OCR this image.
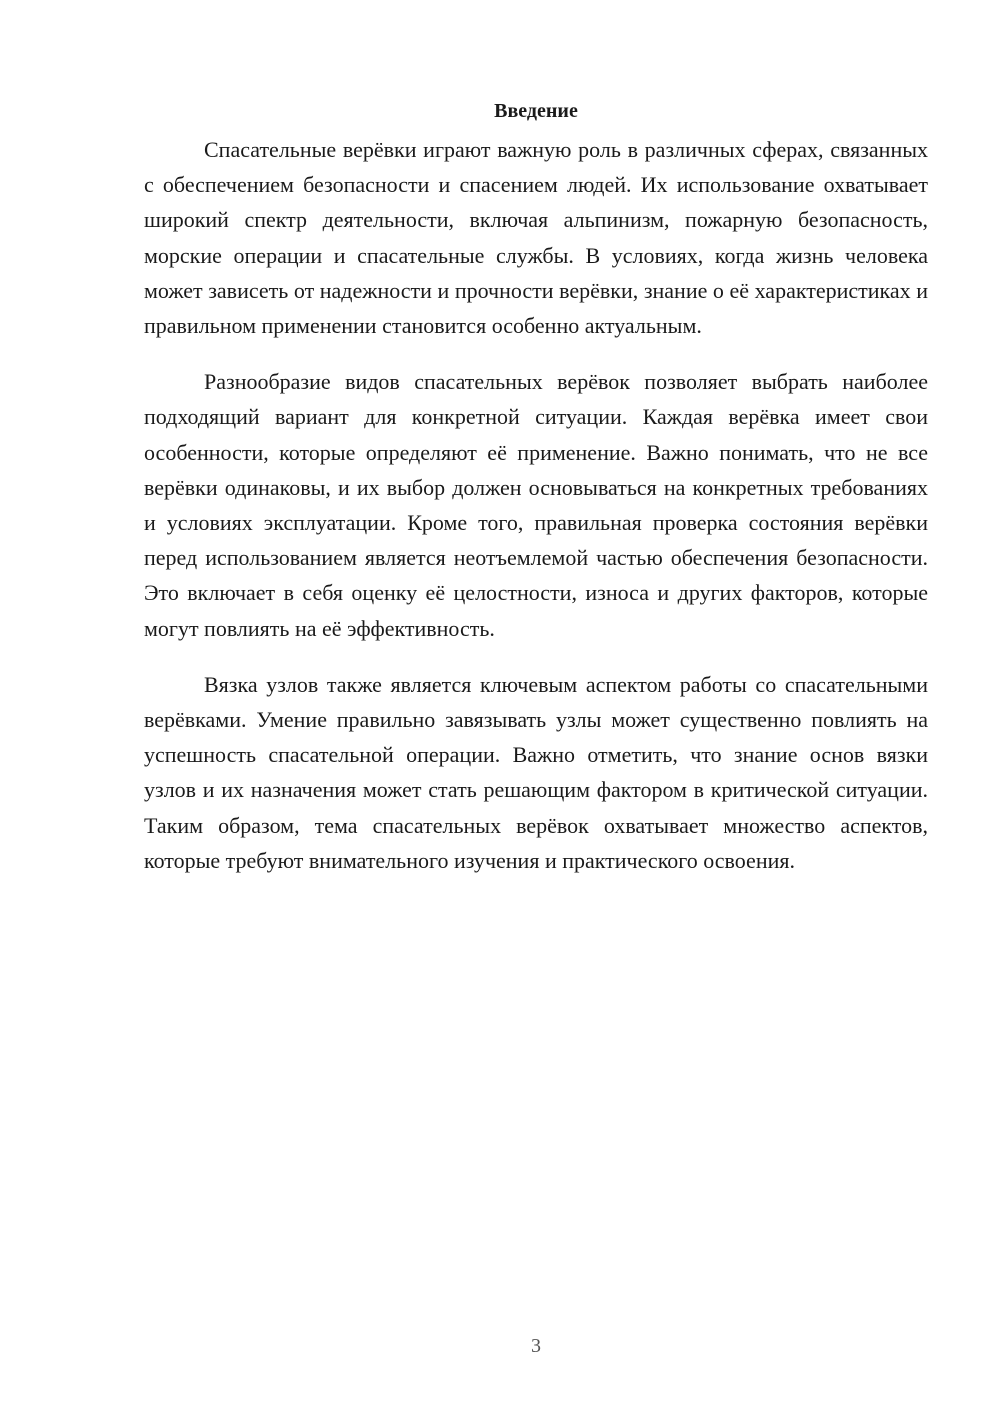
Введение

Спасательные верёвки играют важную роль в различных сферах, связанных с обеспечением безопасности и спасением людей. Их использование охватывает широкий спектр деятельности, включая альпинизм, пожарную безопасность, морские операции и спасательные службы. В условиях, когда жизнь человека может зависеть от надежности и прочности верёвки, знание о её характеристиках и правильном применении становится особенно актуальным.

Разнообразие видов спасательных верёвок позволяет выбрать наиболее подходящий вариант для конкретной ситуации. Каждая верёвка имеет свои особенности, которые определяют её применение. Важно понимать, что не все верёвки одинаковы, и их выбор должен основываться на конкретных требованиях и условиях эксплуатации. Кроме того, правильная проверка состояния верёвки перед использованием является неотъемлемой частью обеспечения безопасности. Это включает в себя оценку её целостности, износа и других факторов, которые могут повлиять на её эффективность.

Вязка узлов также является ключевым аспектом работы со спасательными верёвками. Умение правильно завязывать узлы может существенно повлиять на успешность спасательной операции. Важно отметить, что знание основ вязки узлов и их назначения может стать решающим фактором в критической ситуации. Таким образом, тема спасательных верёвок охватывает множество аспектов, которые требуют внимательного изучения и практического освоения.

3
